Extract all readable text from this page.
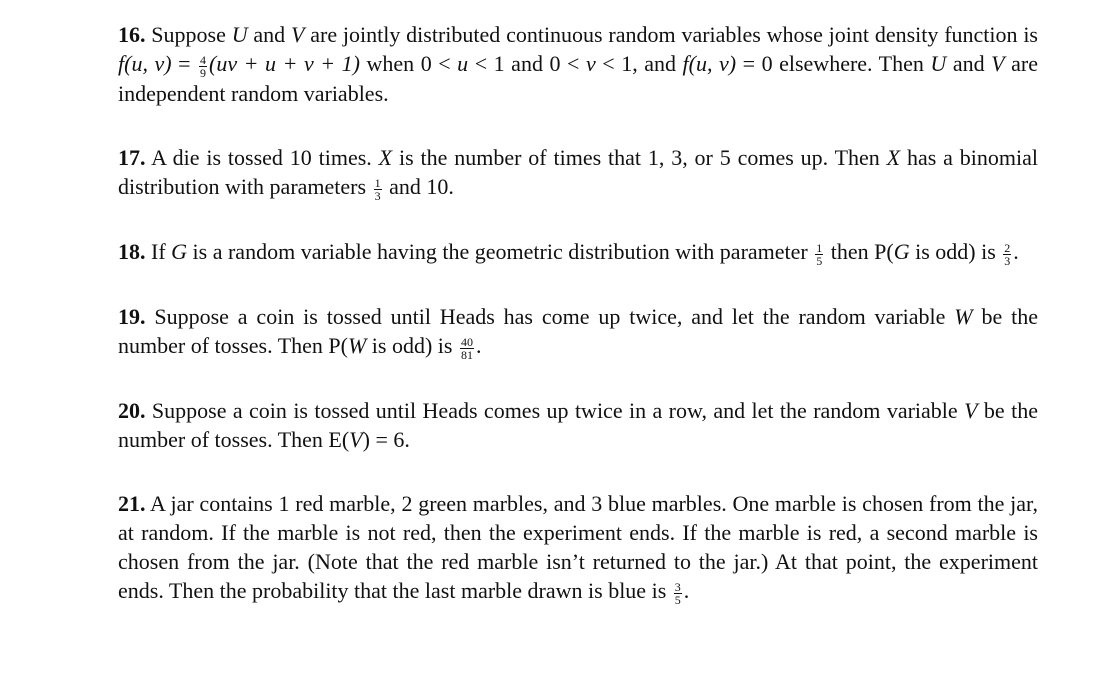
16. Suppose U and V are jointly distributed continuous random variables whose joint density function is f(u, $v) = \frac{4}{9} (uv + u + v + 1)$ when 0 < u < 1 and 0 < v < 1, and f(u, v) = 0 elsewhere. Then U and V are independent random variables.

17. A die is tossed 10 times. X is the number of times that 1, 3, or 5 comes up. Then X has a binomial distribution with parameters $\frac{1}{3}$ and 10.

18. If G is a random variable having the geometric distribution with parameter $\frac{1}{5}$ then P(G is odd) is $\frac{2}{3}$ .

19. Suppose a coin is tossed until Heads has come up twice, and let the random variable W be the number of tosses. Then P(W is odd) is $\frac{40}{81}$ .

20. Suppose a coin is tossed until Heads comes up twice in a row, and let the random variable V be the number of tosses. Then E(V) = 6.

21. A jar contains 1 red marble, 2 green marbles, and 3 blue marbles. One marble is chosen from the jar, at random. If the marble is not red, then the experiment ends. If the marble is red, a second marble is chosen from the jar. (Note that the red marble isn’t returned to the jar.) At that point, the experiment ends. Then the probability that the last marble drawn is blue is $\frac{3}{5}$ .
